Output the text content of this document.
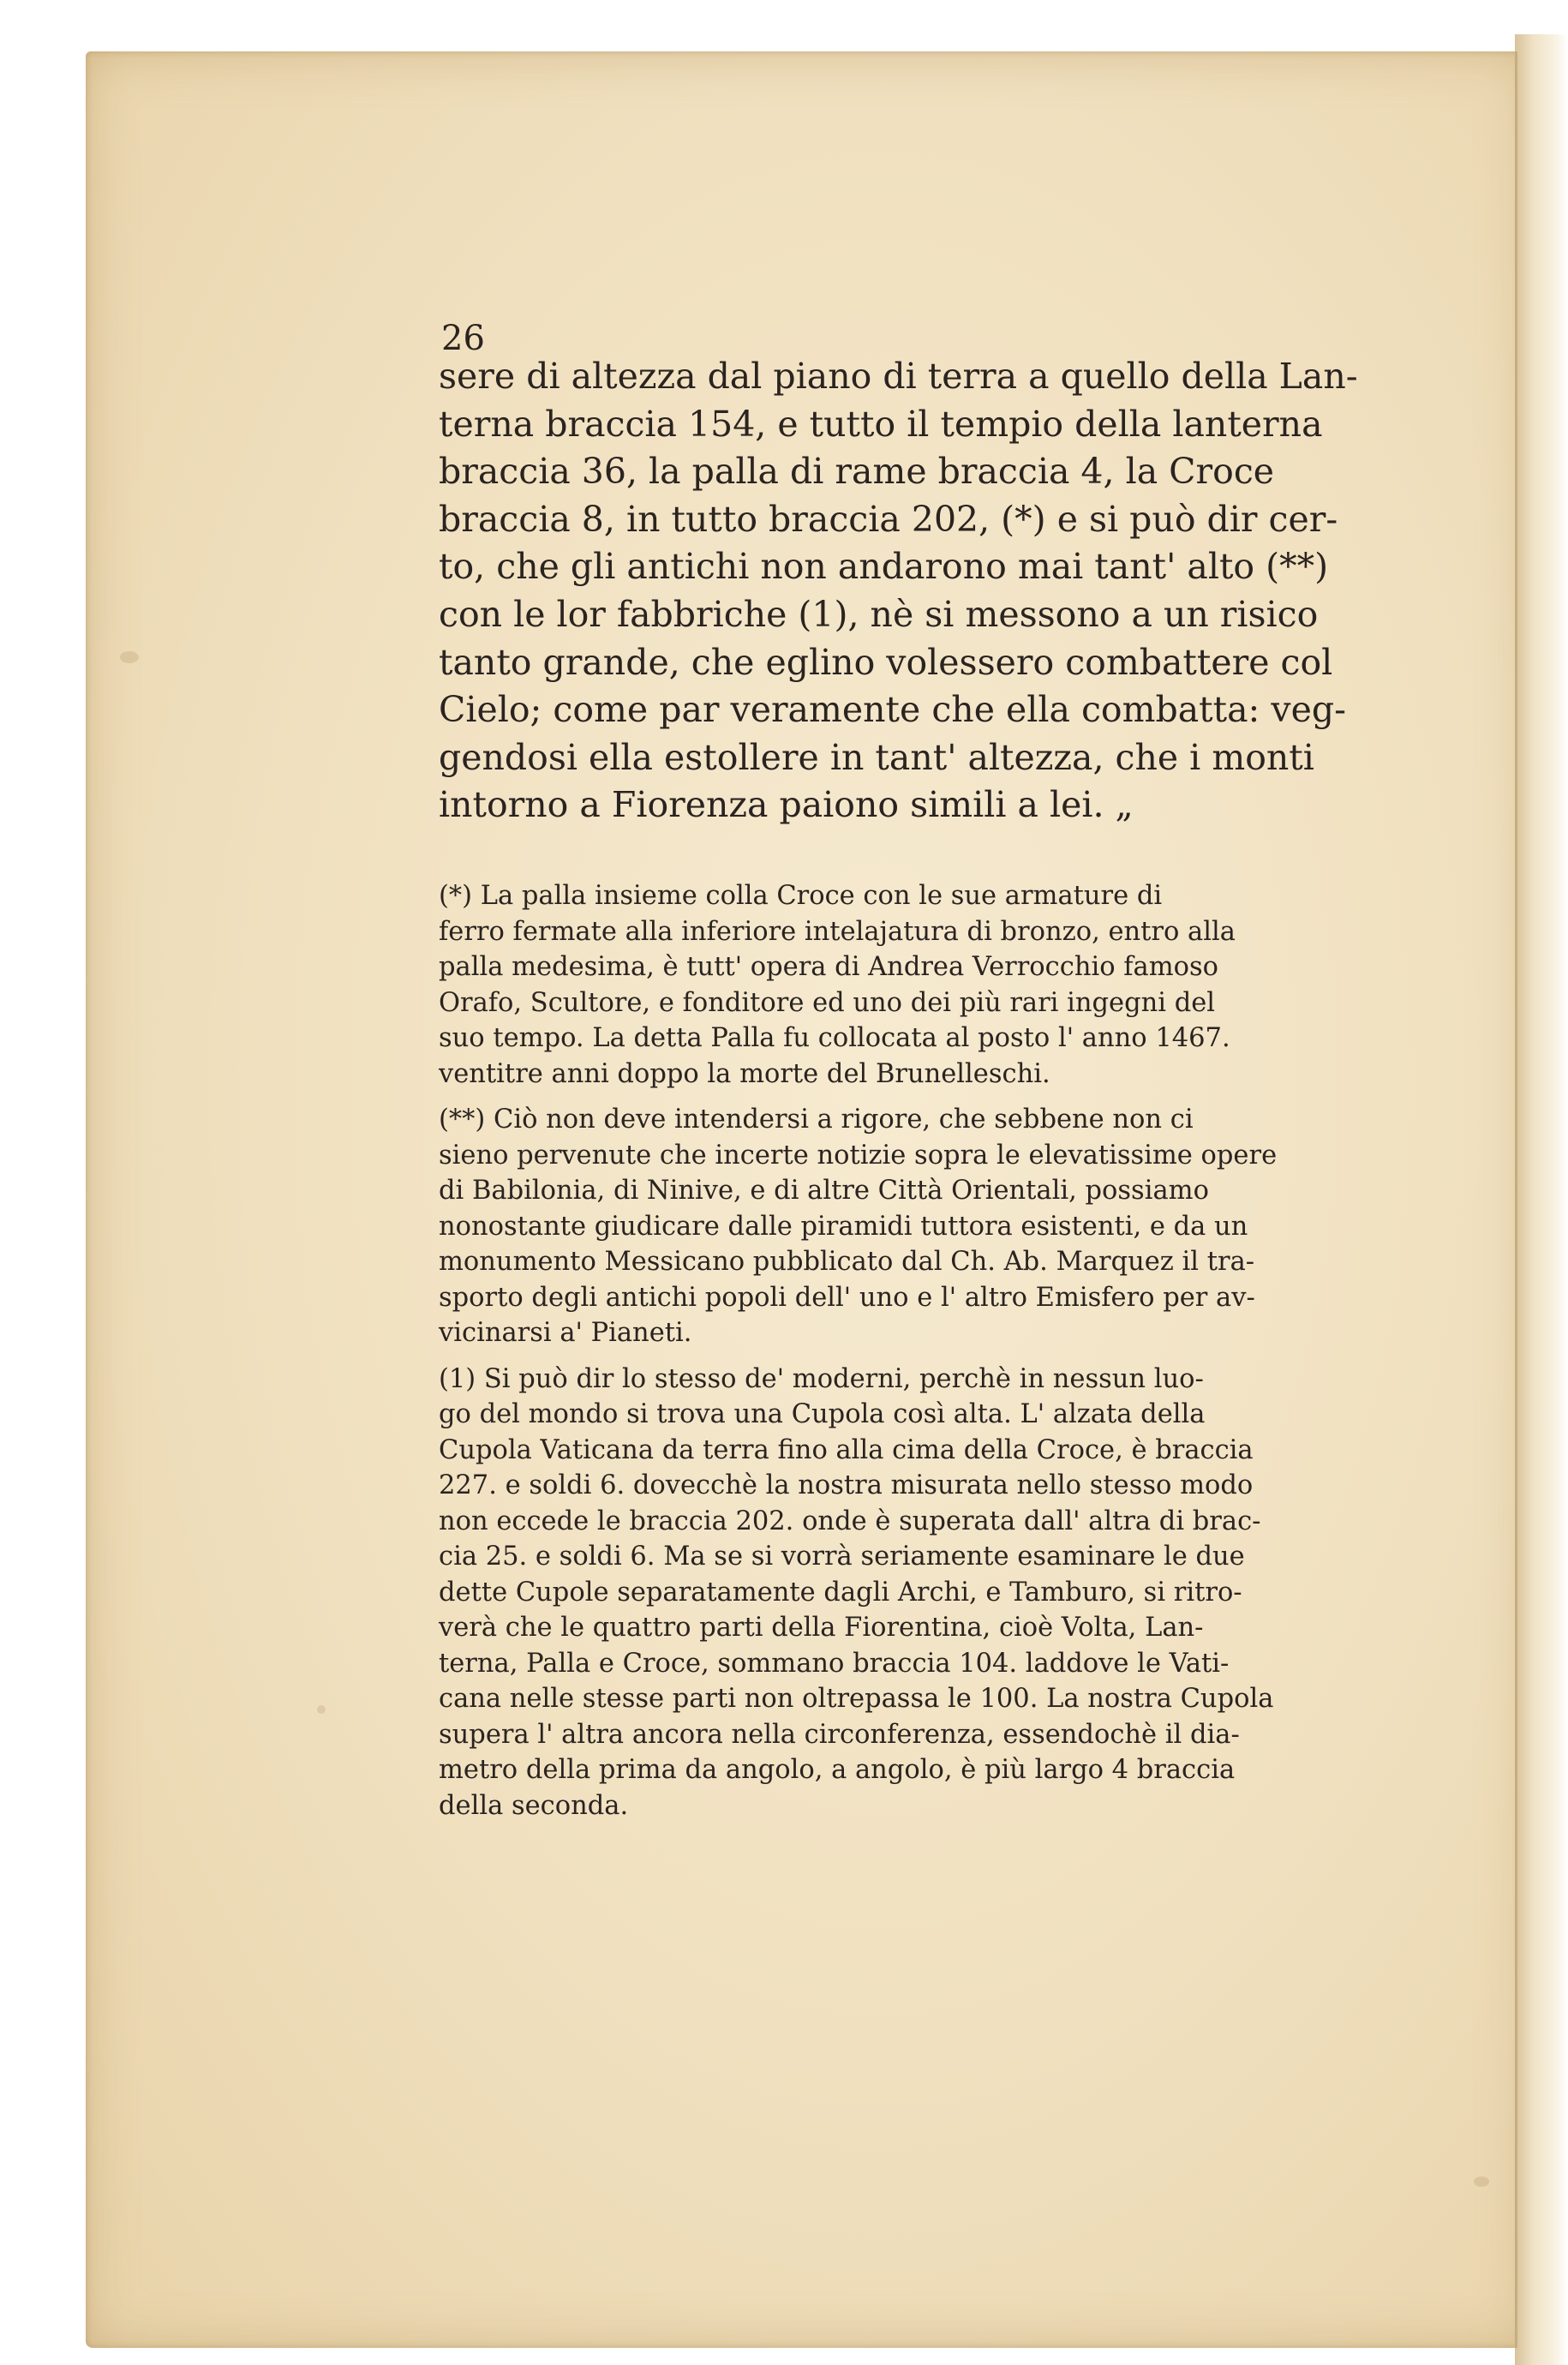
26
sere di altezza dal piano di terra a quello della Lan-
terna braccia 154, e tutto il tempio della lanterna
braccia 36, la palla di rame braccia 4, la Croce
braccia 8, in tutto braccia 202, (*) e si può dir cer-
to, che gli antichi non andarono mai tant' alto (**)
con le lor fabbriche (1), nè si messono a un risico
tanto grande, che eglino volessero combattere col
Cielo; come par veramente che ella combatta: veg-
gendosi ella estollere in tant' altezza, che i monti
intorno a Fiorenza paiono simili a lei. „
(*) La palla insieme colla Croce con le sue armature di
ferro fermate alla inferiore intelajatura di bronzo, entro alla
palla medesima, è tutt' opera di Andrea Verrocchio famoso
Orafo, Scultore, e fonditore ed uno dei più rari ingegni del
suo tempo. La detta Palla fu collocata al posto l' anno 1467.
ventitre anni doppo la morte del Brunelleschi.
(**) Ciò non deve intendersi a rigore, che sebbene non ci
sieno pervenute che incerte notizie sopra le elevatissime opere
di Babilonia, di Ninive, e di altre Città Orientali, possiamo
nonostante giudicare dalle piramidi tuttora esistenti, e da un
monumento Messicano pubblicato dal Ch. Ab. Marquez il tra-
sporto degli antichi popoli dell' uno e l' altro Emisfero per av-
vicinarsi a' Pianeti.
(1) Si può dir lo stesso de' moderni, perchè in nessun luo-
go del mondo si trova una Cupola così alta. L' alzata della
Cupola Vaticana da terra fino alla cima della Croce, è braccia
227. e soldi 6. dovecchè la nostra misurata nello stesso modo
non eccede le braccia 202. onde è superata dall' altra di brac-
cia 25. e soldi 6. Ma se si vorrà seriamente esaminare le due
dette Cupole separatamente dagli Archi, e Tamburo, si ritro-
verà che le quattro parti della Fiorentina, cioè Volta, Lan-
terna, Palla e Croce, sommano braccia 104. laddove le Vati-
cana nelle stesse parti non oltrepassa le 100. La nostra Cupola
supera l' altra ancora nella circonferenza, essendochè il dia-
metro della prima da angolo, a angolo, è più largo 4 braccia
della seconda.
